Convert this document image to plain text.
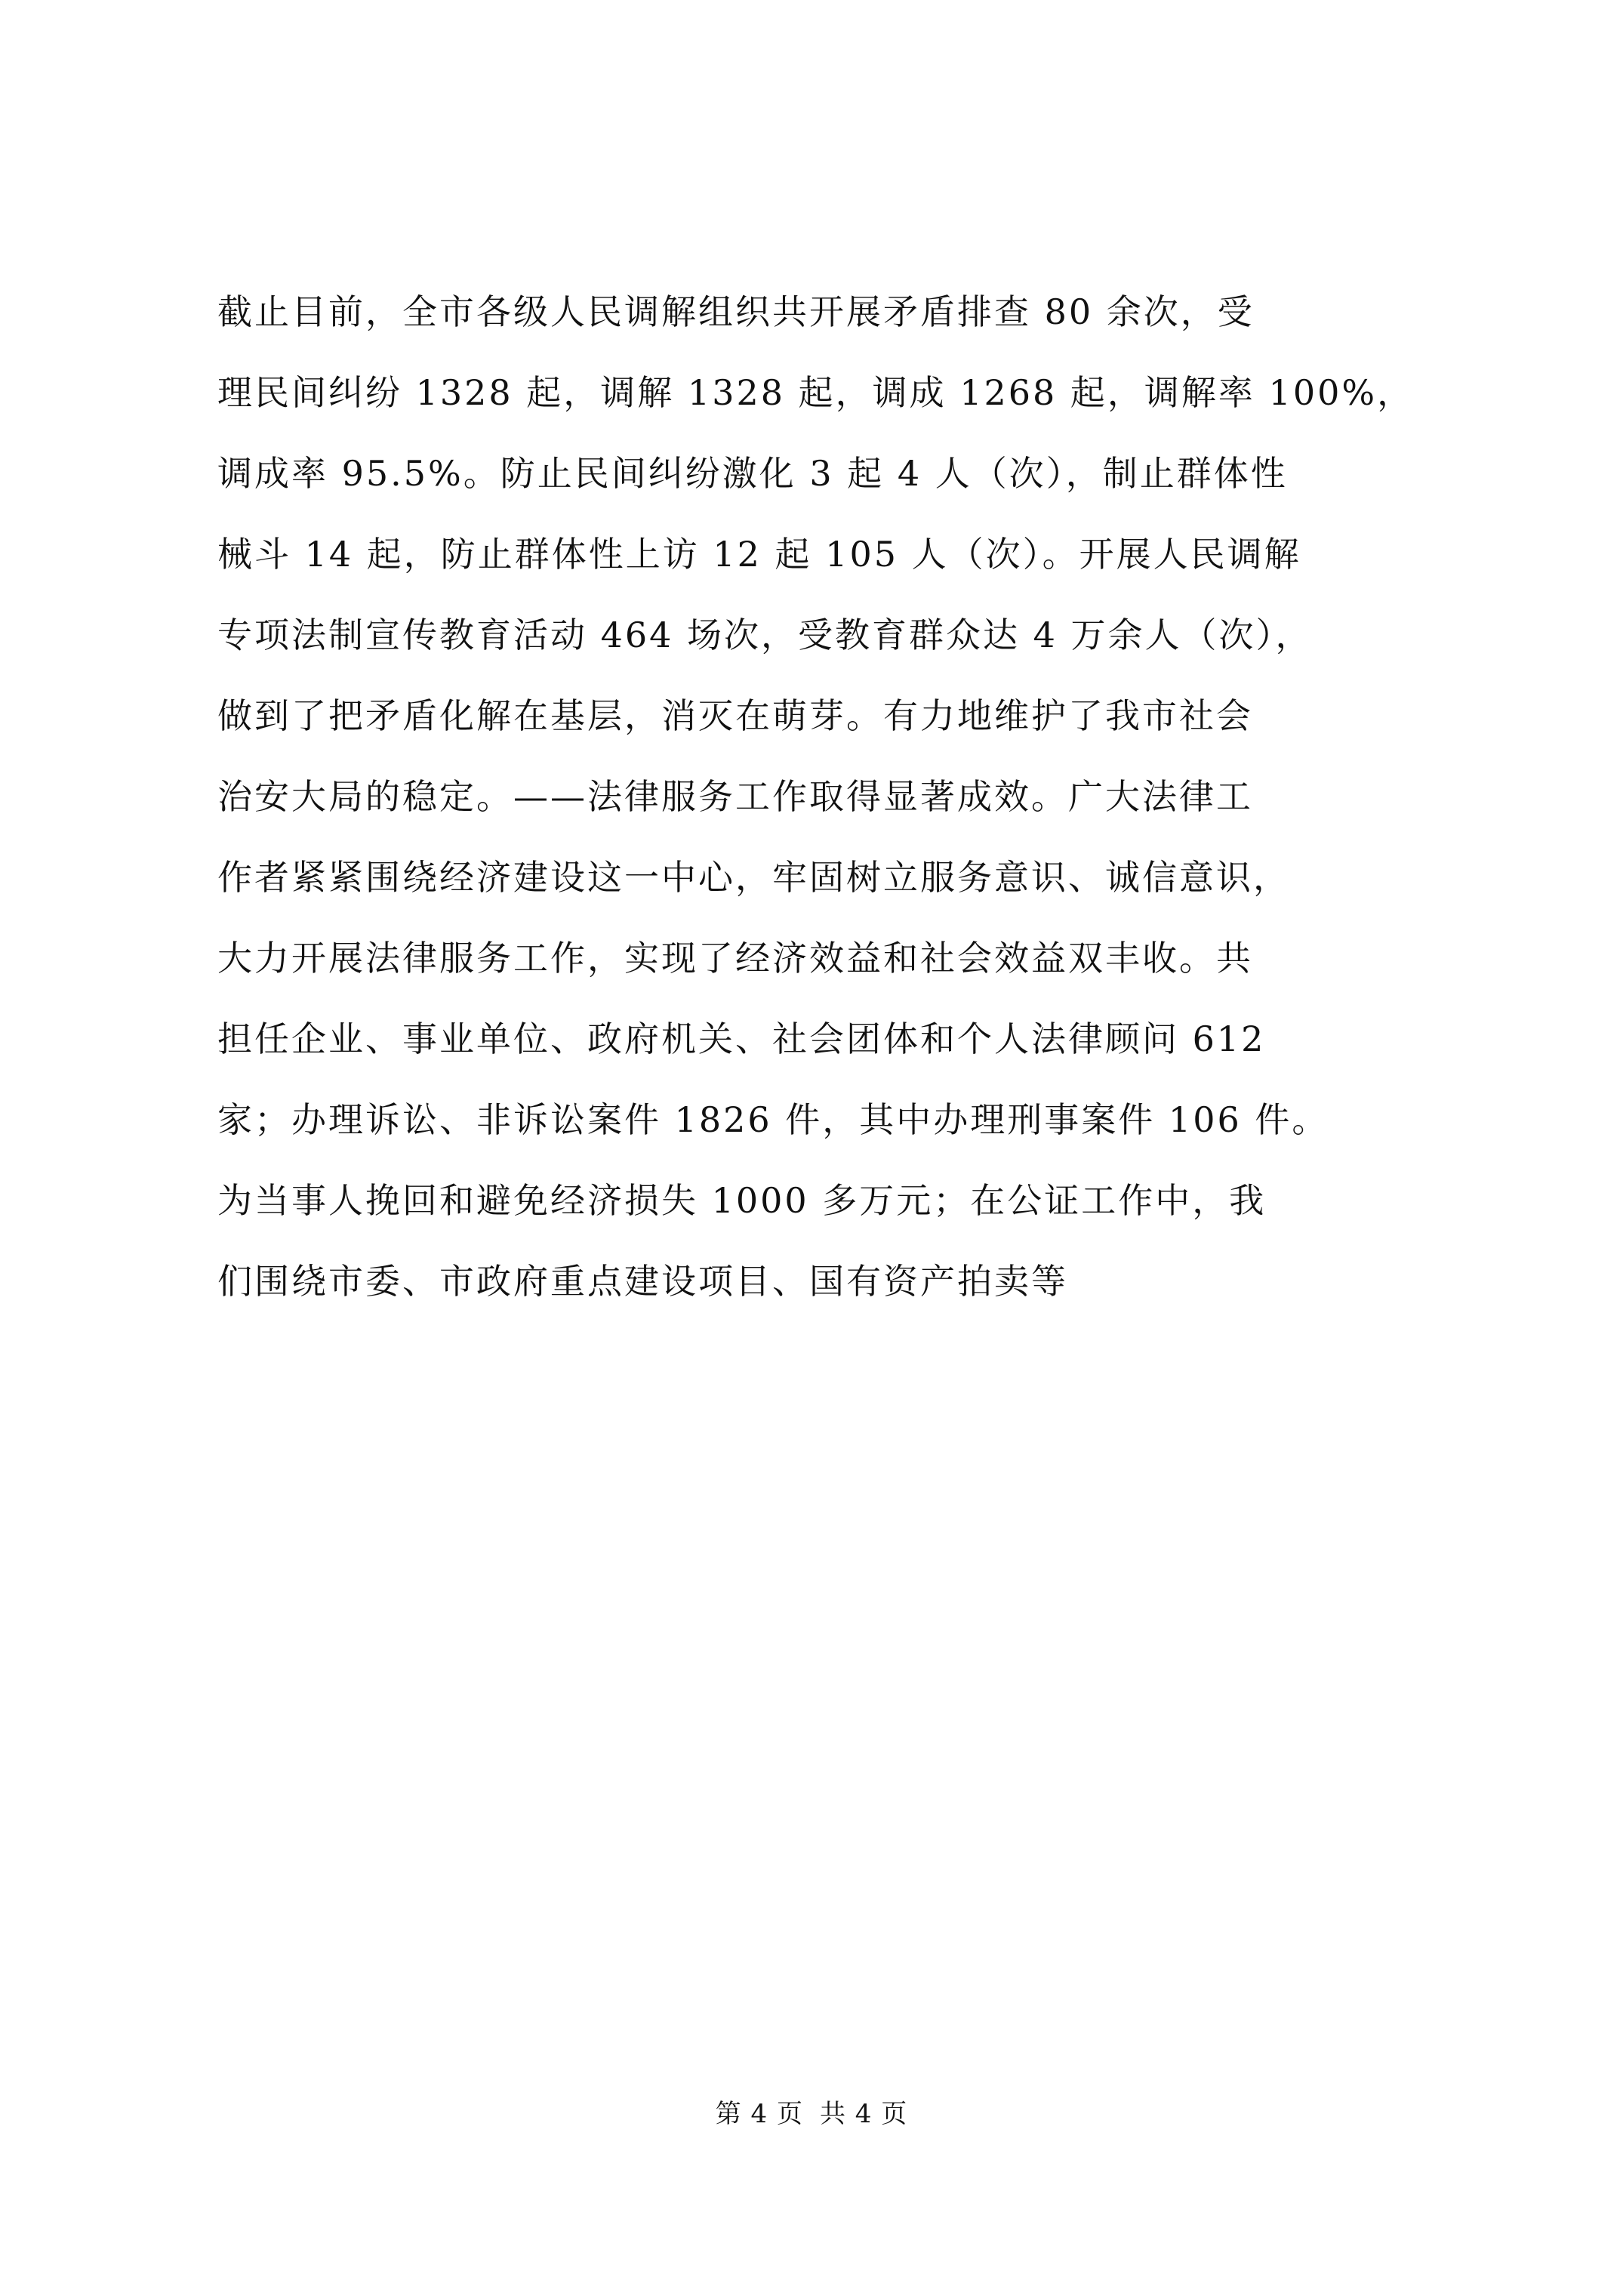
截止目前，全市各级人民调解组织共开展矛盾排查 80 余次，受
理民间纠纷 1328 起，调解 1328 起，调成 1268 起，调解率 100%，
调成率 95.5%。防止民间纠纷激化 3 起 4 人（次），制止群体性
械斗 14 起，防止群体性上访 12 起 105 人（次）。开展人民调解
专项法制宣传教育活动 464 场次，受教育群众达 4 万余人（次），
做到了把矛盾化解在基层，消灭在萌芽。有力地维护了我市社会
治安大局的稳定。——法律服务工作取得显著成效。广大法律工
作者紧紧围绕经济建设这一中心，牢固树立服务意识、诚信意识，
大力开展法律服务工作，实现了经济效益和社会效益双丰收。共
担任企业、事业单位、政府机关、社会团体和个人法律顾问 612
家；办理诉讼、非诉讼案件 1826 件，其中办理刑事案件 106 件。
为当事人挽回和避免经济损失 1000 多万元；在公证工作中，我
们围绕市委、市政府重点建设项目、国有资产拍卖等
第 4 页 共 4 页
